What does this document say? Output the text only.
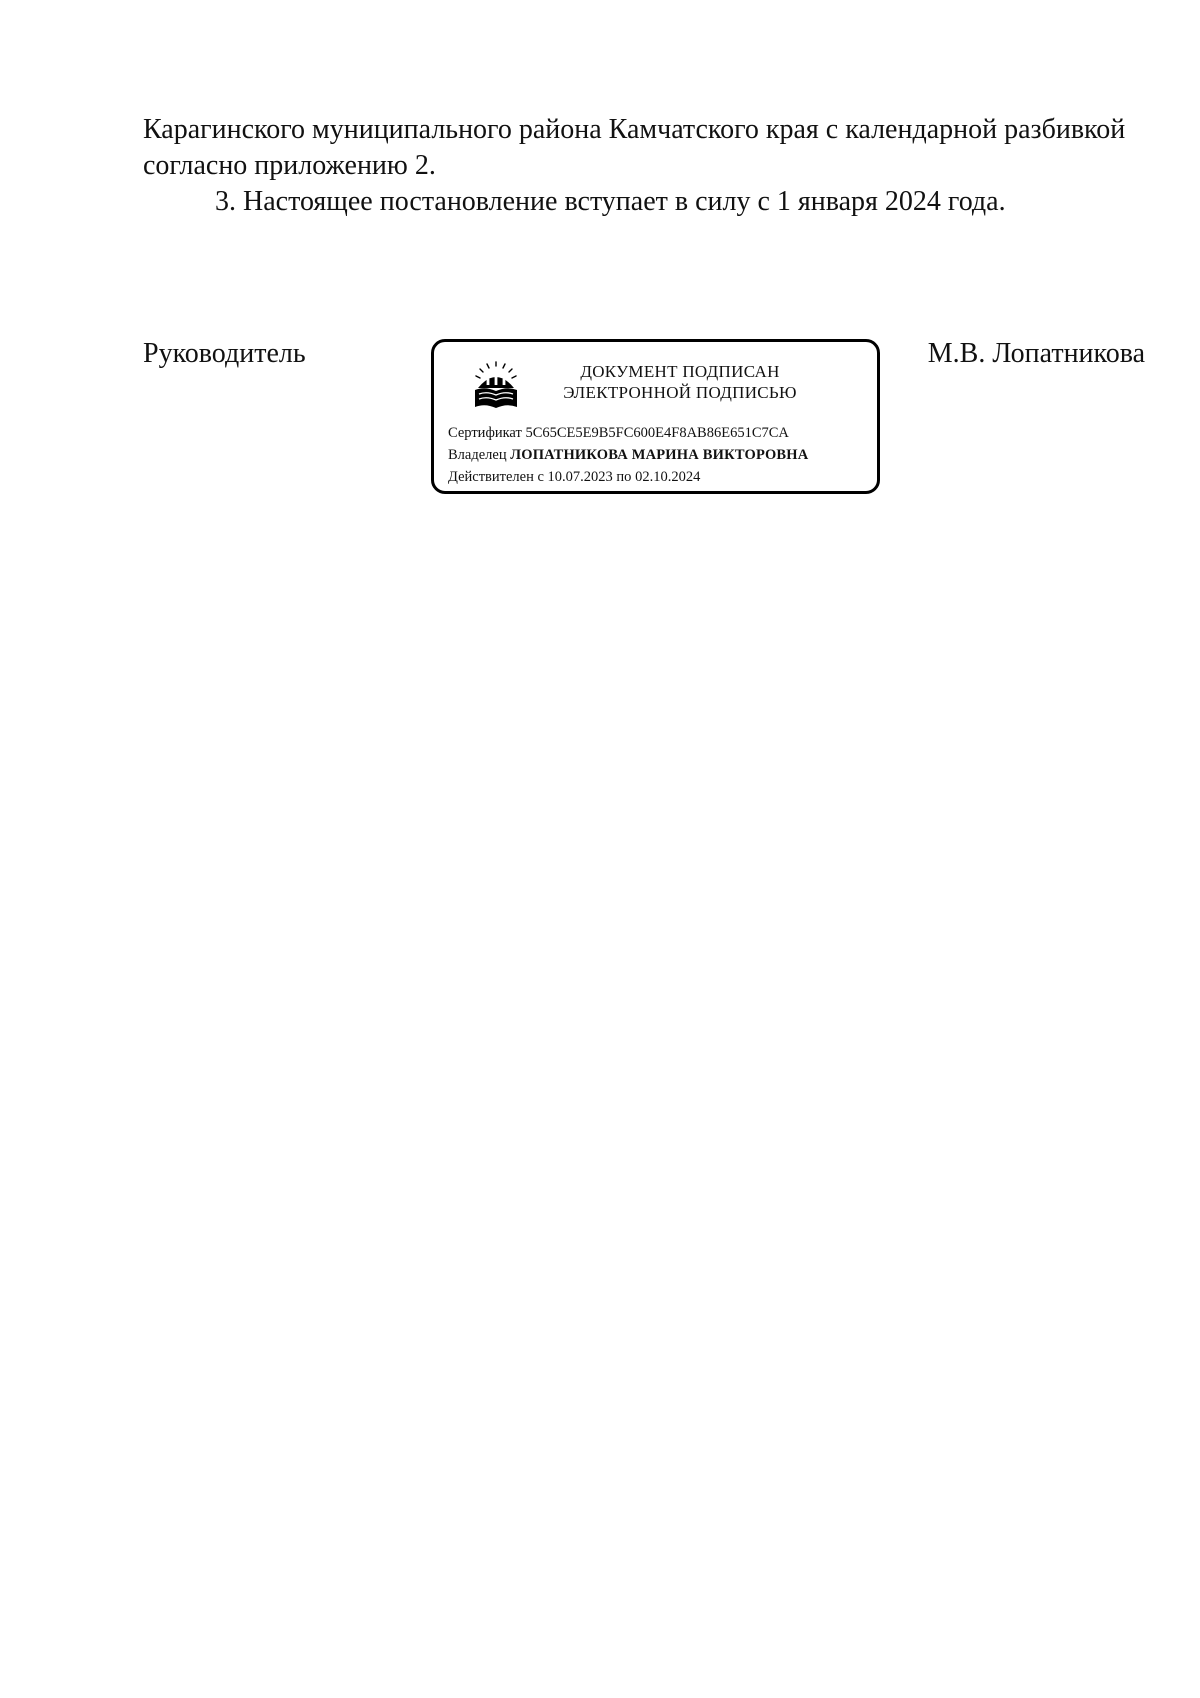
Карагинского муниципального района Камчатского края с календарной разбивкой

согласно приложению 2.

3. Настоящее постановление вступает в силу с 1 января 2024 года.

Руководитель	М.В. Лопатникова
ДОКУМЕНТ ПОДПИСАН
ЭЛЕКТРОННОЙ ПОДПИСЬЮ
Сертификат 5C65CE5E9B5FC600E4F8AB86E651C7CA
Владелец ЛОПАТНИКОВА МАРИНА ВИКТОРОВНА
Действителен с 10.07.2023 по 02.10.2024
